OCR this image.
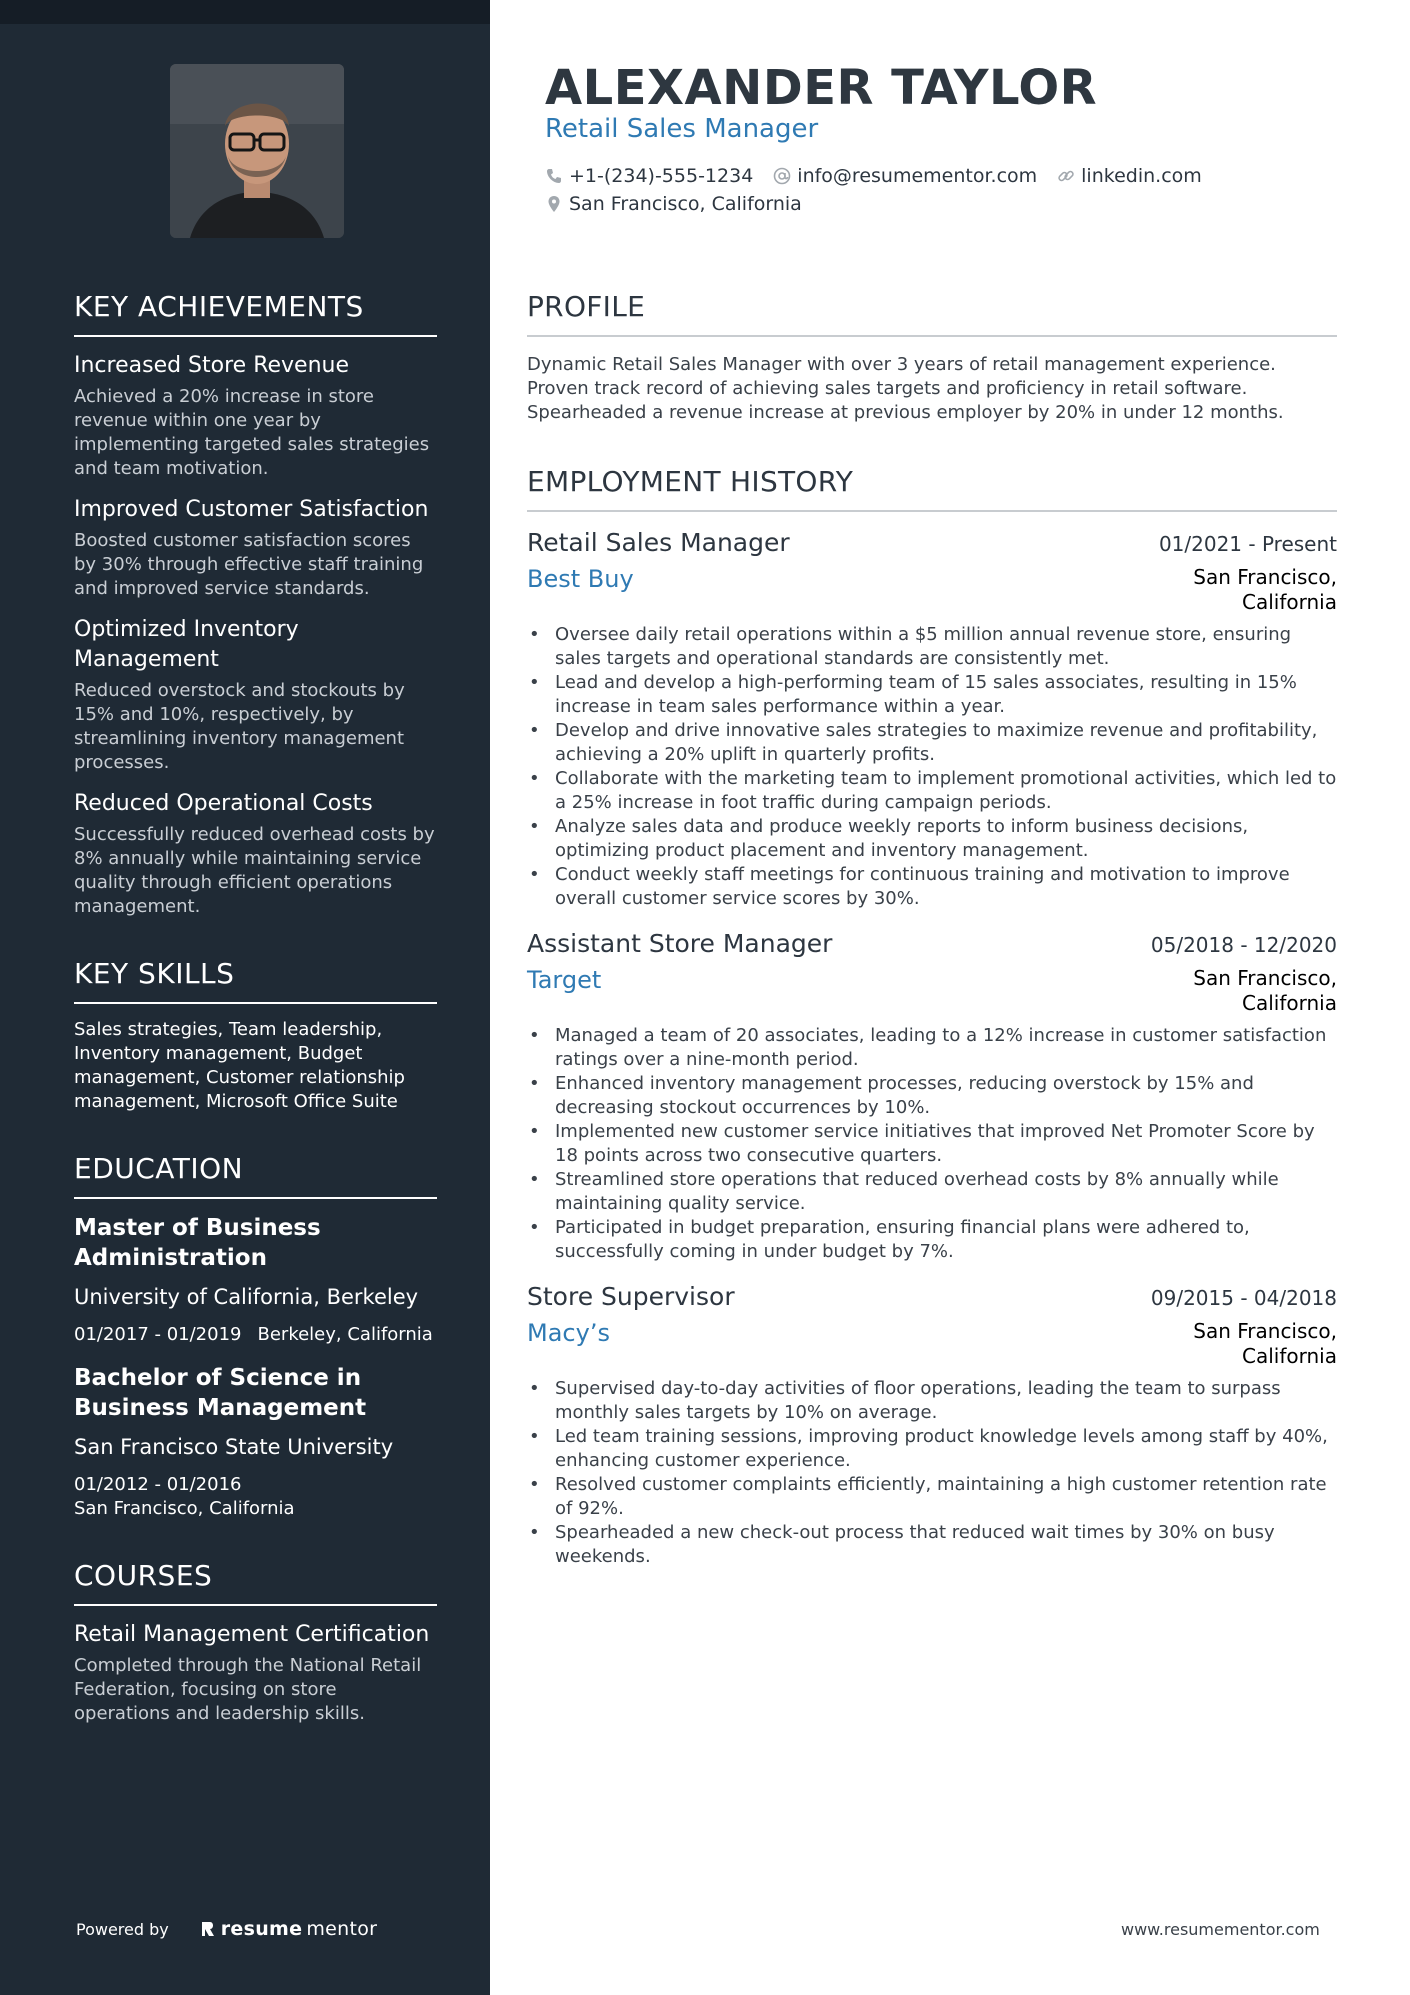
KEY ACHIEVEMENTS
Increased Store Revenue
Achieved a 20% increase in store revenue within one year by implementing targeted sales strategies and team motivation.
Improved Customer Satisfaction
Boosted customer satisfaction scores by 30% through effective staff training and improved service standards.
Optimized Inventory Management
Reduced overstock and stockouts by 15% and 10%, respectively, by streamlining inventory management processes.
Reduced Operational Costs
Successfully reduced overhead costs by 8% annually while maintaining service quality through efficient operations management.
KEY SKILLS
Sales strategies, Team leadership, Inventory management, Budget management, Customer relationship management, Microsoft Office Suite
EDUCATION
Master of Business Administration
University of California, Berkeley
01/2017 - 01/2019 Berkeley, California
Bachelor of Science in Business Management
San Francisco State University
01/2012 - 01/2016
San Francisco, California
COURSES
Retail Management Certification
Completed through the National Retail Federation, focusing on store operations and leadership skills.
Powered by	resume mentor
ALEXANDER TAYLOR
Retail Sales Manager
+1-(234)-555-1234 info@resumementor.com linkedin.com
San Francisco, California
PROFILE

Dynamic Retail Sales Manager with over 3 years of retail management experience. Proven track record of achieving sales targets and proficiency in retail software. Spearheaded a revenue increase at previous employer by 20% in under 12 months.

EMPLOYMENT HISTORY
Retail Sales Manager	01/2021 - Present
Best Buy	San Francisco, California
• Oversee daily retail operations within a $5 million annual revenue store, ensuring sales targets and operational standards are consistently met.
• Lead and develop a high-performing team of 15 sales associates, resulting in 15% increase in team sales performance within a year.
• Develop and drive innovative sales strategies to maximize revenue and profitability, achieving a 20% uplift in quarterly profits.
• Collaborate with the marketing team to implement promotional activities, which led to a 25% increase in foot traffic during campaign periods.
• Analyze sales data and produce weekly reports to inform business decisions, optimizing product placement and inventory management.
• Conduct weekly staff meetings for continuous training and motivation to improve overall customer service scores by 30%.
Assistant Store Manager	05/2018 - 12/2020
Target	San Francisco, California
• Managed a team of 20 associates, leading to a 12% increase in customer satisfaction ratings over a nine-month period.
• Enhanced inventory management processes, reducing overstock by 15% and decreasing stockout occurrences by 10%.
• Implemented new customer service initiatives that improved Net Promoter Score by 18 points across two consecutive quarters.
• Streamlined store operations that reduced overhead costs by 8% annually while maintaining quality service.
• Participated in budget preparation, ensuring financial plans were adhered to, successfully coming in under budget by 7%.
Store Supervisor	09/2015 - 04/2018
Macy’s	San Francisco, California
• Supervised day-to-day activities of floor operations, leading the team to surpass monthly sales targets by 10% on average.
• Led team training sessions, improving product knowledge levels among staff by 40%, enhancing customer experience.
• Resolved customer complaints efficiently, maintaining a high customer retention rate of 92%.
• Spearheaded a new check-out process that reduced wait times by 30% on busy weekends.
www.resumementor.com
